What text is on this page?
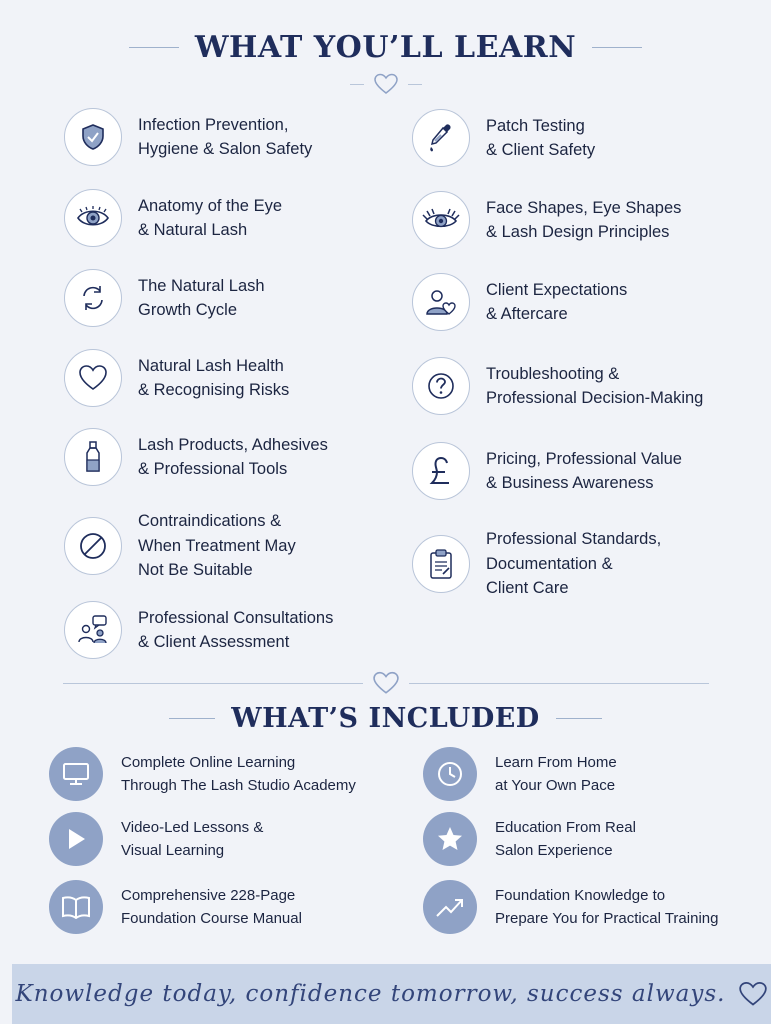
WHAT YOU’LL LEARN
Infection Prevention,
Hygiene & Salon Safety
Anatomy of the Eye
& Natural Lash
The Natural Lash
Growth Cycle
Natural Lash Health
& Recognising Risks
Lash Products, Adhesives
& Professional Tools
Contraindications &
When Treatment May
Not Be Suitable
Professional Consultations
& Client Assessment
Patch Testing
& Client Safety
Face Shapes, Eye Shapes
& Lash Design Principles
Client Expectations
& Aftercare
Troubleshooting &
Professional Decision-Making
Pricing, Professional Value
& Business Awareness
Professional Standards,
Documentation &
Client Care
WHAT’S INCLUDED
Complete Online Learning
Through The Lash Studio Academy
Video-Led Lessons &
Visual Learning
Comprehensive 228-Page
Foundation Course Manual
Learn From Home
at Your Own Pace
Education From Real
Salon Experience
Foundation Knowledge to
Prepare You for Practical Training
Knowledge today, confidence tomorrow, success always.
